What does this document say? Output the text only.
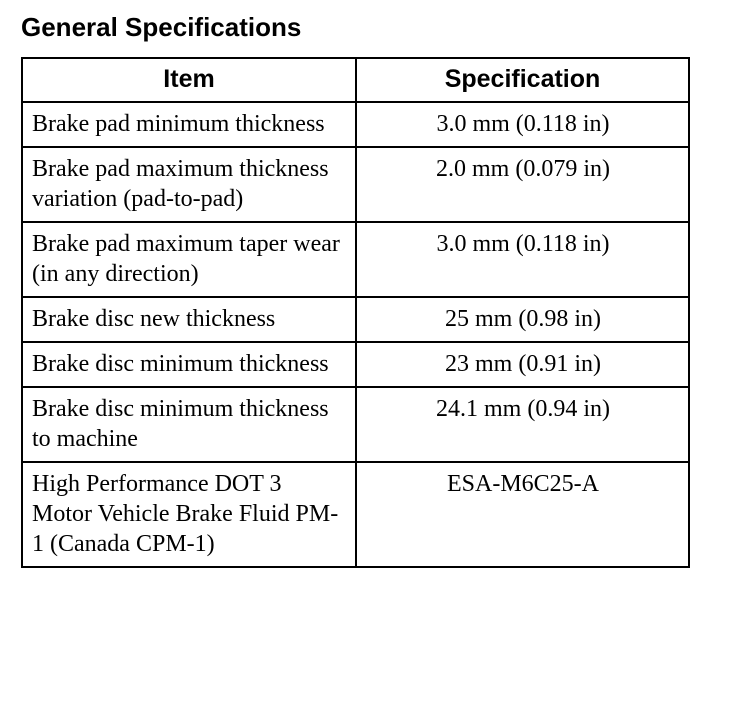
General Specifications
Item	Specification
Brake pad minimum thickness	3.0 mm (0.118 in)
Brake pad maximum thickness variation (pad-to-pad)	2.0 mm (0.079 in)
Brake pad maximum taper wear (in any direction)	3.0 mm (0.118 in)
Brake disc new thickness	25 mm (0.98 in)
Brake disc minimum thickness	23 mm (0.91 in)
Brake disc minimum thickness to machine	24.1 mm (0.94 in)
High Performance DOT 3 Motor Vehicle Brake Fluid PM-1 (Canada CPM-1)	ESA-M6C25-A
